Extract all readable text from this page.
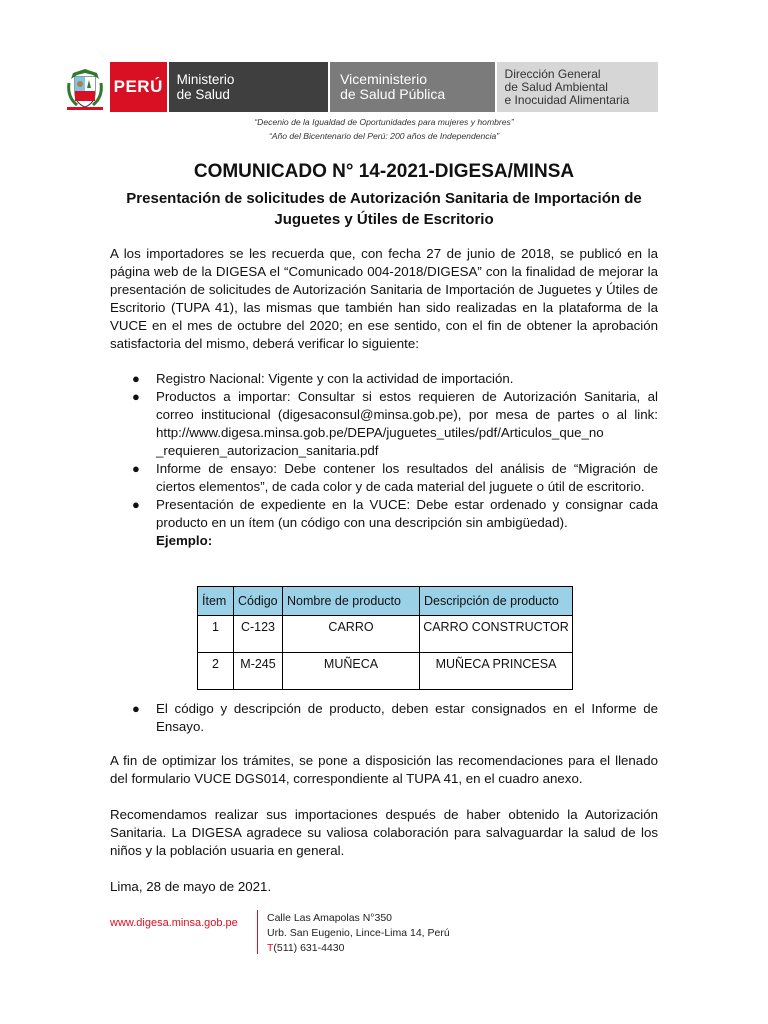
PERÚ Ministerio
de Salud
Viceministerio
de Salud Pública
Dirección General
de Salud Ambiental
e Inocuidad Alimentaria
“Decenio de la Igualdad de Oportunidades para mujeres y hombres”
“Año del Bicentenario del Perú: 200 años de Independencia”
COMUNICADO N° 14-2021-DIGESA/MINSA
Presentación de solicitudes de Autorización Sanitaria de Importación de Juguetes y Útiles de Escritorio
A los importadores se les recuerda que, con fecha 27 de junio de 2018, se publicó en la página web de la DIGESA el “Comunicado 004-2018/DIGESA” con la finalidad de mejorar la presentación de solicitudes de Autorización Sanitaria de Importación de Juguetes y Útiles de Escritorio (TUPA 41), las mismas que también han sido realizadas en la plataforma de la VUCE en el mes de octubre del 2020; en ese sentido, con el fin de obtener la aprobación satisfactoria del mismo, deberá verificar lo siguiente:
● Registro Nacional: Vigente y con la actividad de importación.
● Productos a importar: Consultar si estos requieren de Autorización Sanitaria, al correo institucional (digesaconsul@minsa.gob.pe), por mesa de partes o al link: http://www.digesa.minsa.gob.pe/DEPA/juguetes_utiles/pdf/Articulos_que_no _requieren_autorizacion_sanitaria.pdf
● Informe de ensayo: Debe contener los resultados del análisis de “Migración de ciertos elementos”, de cada color y de cada material del juguete o útil de escritorio.
● Presentación de expediente en la VUCE: Debe estar ordenado y consignar cada producto en un ítem (un código con una descripción sin ambigüedad).
Ejemplo:
Ítem	Código	Nombre de producto	Descripción de producto
1	C-123	CARRO	CARRO CONSTRUCTOR
2	M-245	MUÑECA	MUÑECA PRINCESA
● El código y descripción de producto, deben estar consignados en el Informe de Ensayo.
A fin de optimizar los trámites, se pone a disposición las recomendaciones para el llenado del formulario VUCE DGS014, correspondiente al TUPA 41, en el cuadro anexo.
Recomendamos realizar sus importaciones después de haber obtenido la Autorización Sanitaria. La DIGESA agradece su valiosa colaboración para salvaguardar la salud de los niños y la población usuaria en general.
Lima, 28 de mayo de 2021.
www.digesa.minsa.gob.pe	Calle Las Amapolas N°350
Urb. San Eugenio, Lince-Lima 14, Perú
T(511) 631-4430
